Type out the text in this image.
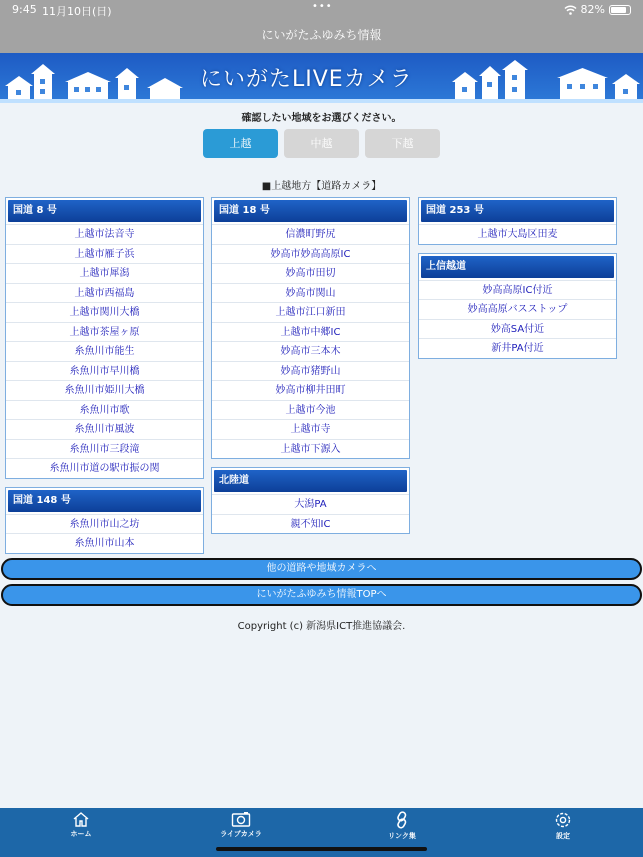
9:45 11月10日(日)	•••	82%
にいがたふゆみち情報
にいがたLIVEカメラ
確認したい地域をお選びください。
上越	中越	下越
■上越地方【道路カメラ】
国道 8 号
上越市法音寺
上越市雁子浜
上越市犀潟
上越市西福島
上越市関川大橋
上越市茶屋ヶ原
糸魚川市能生
糸魚川市早川橋
糸魚川市姫川大橋
糸魚川市歌
糸魚川市風波
糸魚川市三段滝
糸魚川市道の駅市振の関
国道 148 号
糸魚川市山之坊
糸魚川市山本
国道 18 号
信濃町野尻
妙高市妙高高原IC
妙高市田切
妙高市関山
上越市江口新田
上越市中郷IC
妙高市三本木
妙高市猪野山
妙高市柳井田町
上越市今池
上越市寺
上越市下源入
北陸道
大潟PA
親不知IC
国道 253 号
上越市大島区田麦
上信越道
妙高高原IC付近
妙高高原バスストップ
妙高SA付近
新井PA付近
他の道路や地域カメラへ
にいがたふゆみち情報TOPへ
Copyright (c) 新潟県ICT推進協議会.
ホーム	ライブカメラ	リンク集	設定
